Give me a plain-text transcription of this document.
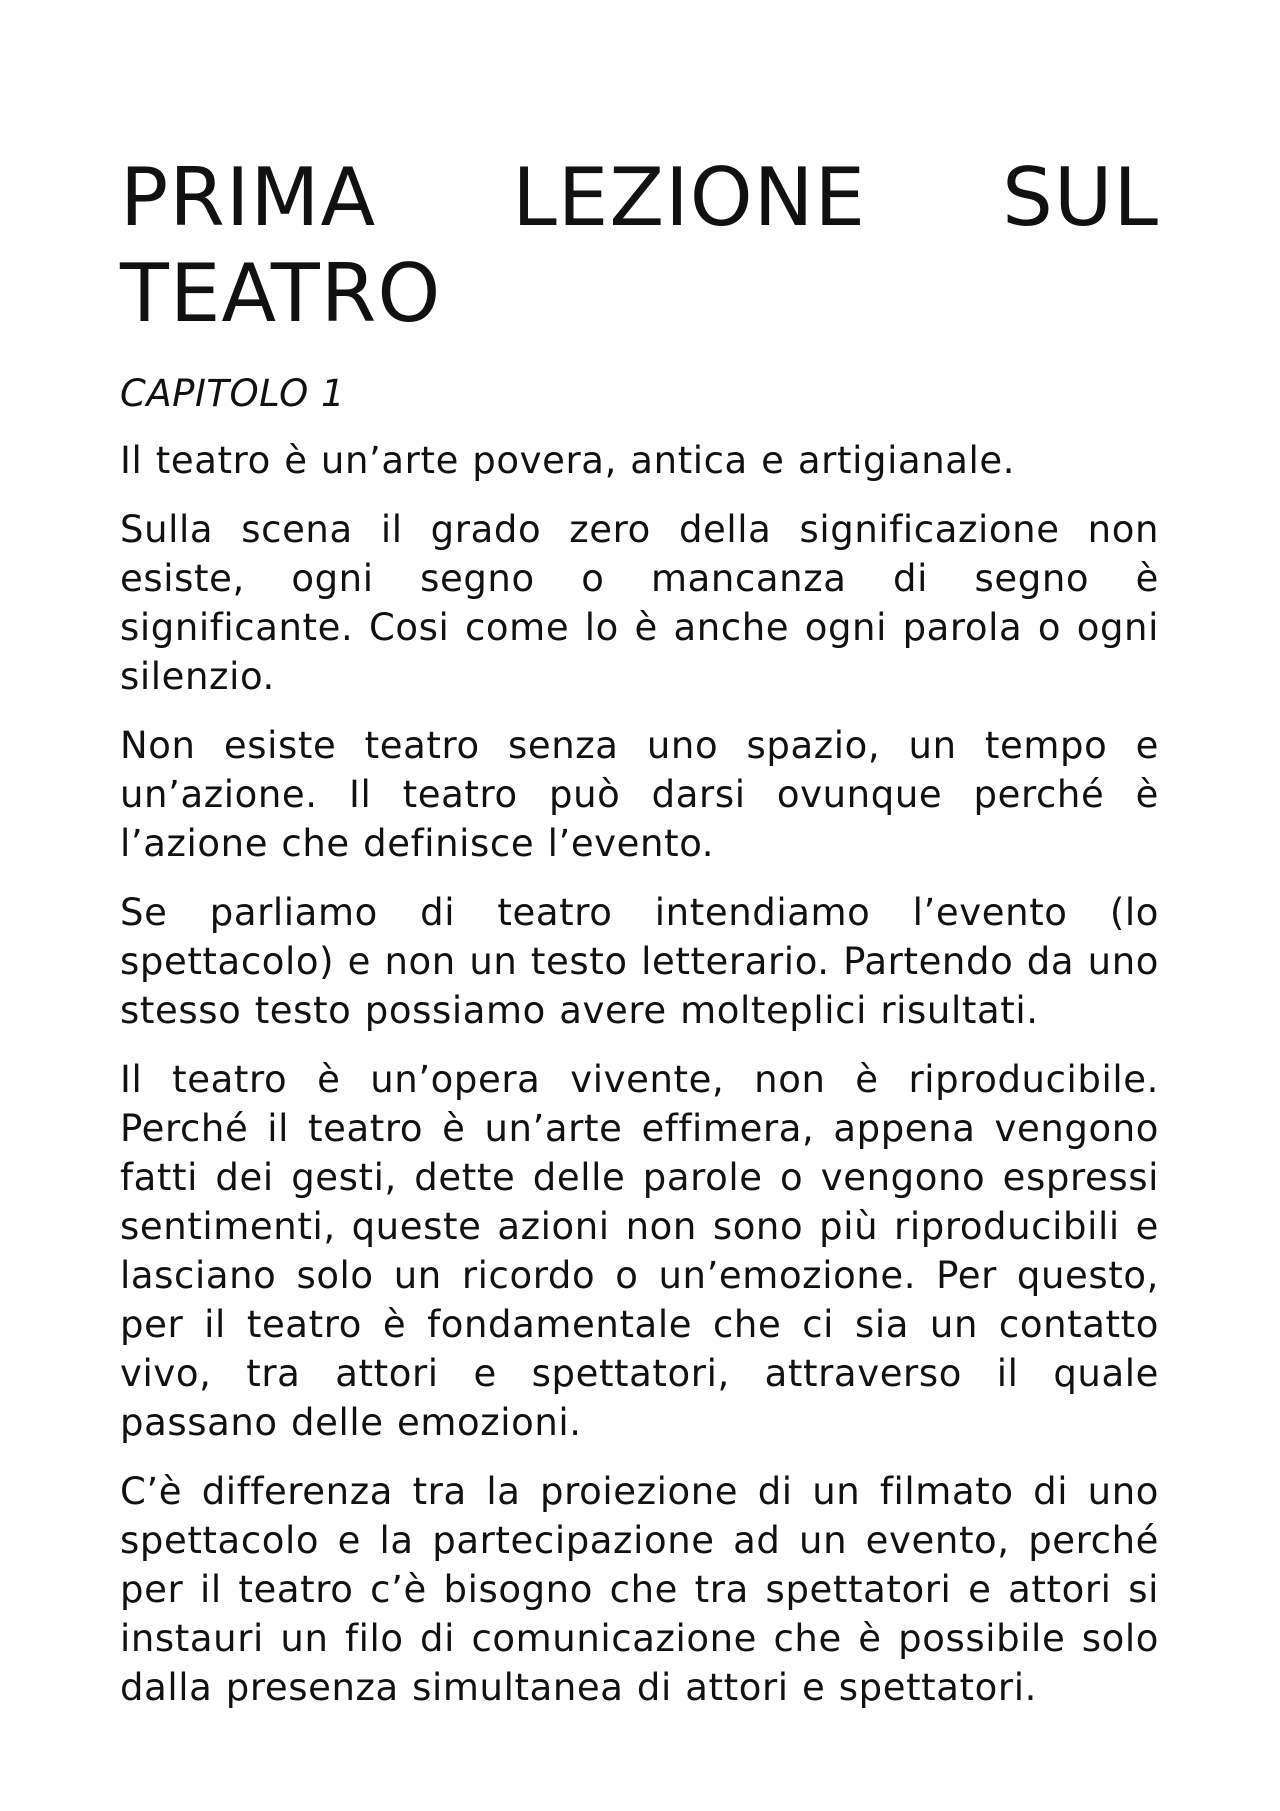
PRIMA LEZIONE SUL TEATRO
CAPITOLO 1

Il teatro è un’arte povera, antica e artigianale.

Sulla scena il grado zero della significazione non esiste, ogni segno o mancanza di segno è significante. Cosi come lo è anche ogni parola o ogni silenzio.

Non esiste teatro senza uno spazio, un tempo e un’azione. Il teatro può darsi ovunque perché è l’azione che definisce l’evento.

Se parliamo di teatro intendiamo l’evento (lo spettacolo) e non un testo letterario. Partendo da uno stesso testo possiamo avere molteplici risultati.

Il teatro è un’opera vivente, non è riproducibile. Perché il teatro è un’arte effimera, appena vengono fatti dei gesti, dette delle parole o vengono espressi sentimenti, queste azioni non sono più riproducibili e lasciano solo un ricordo o un’emozione. Per questo, per il teatro è fondamentale che ci sia un contatto vivo, tra attori e spettatori, attraverso il quale passano delle emozioni.

C’è differenza tra la proiezione di un filmato di uno spettacolo e la partecipazione ad un evento, perché per il teatro c’è bisogno che tra spettatori e attori si instauri un filo di comunicazione che è possibile solo dalla presenza simultanea di attori e spettatori.
